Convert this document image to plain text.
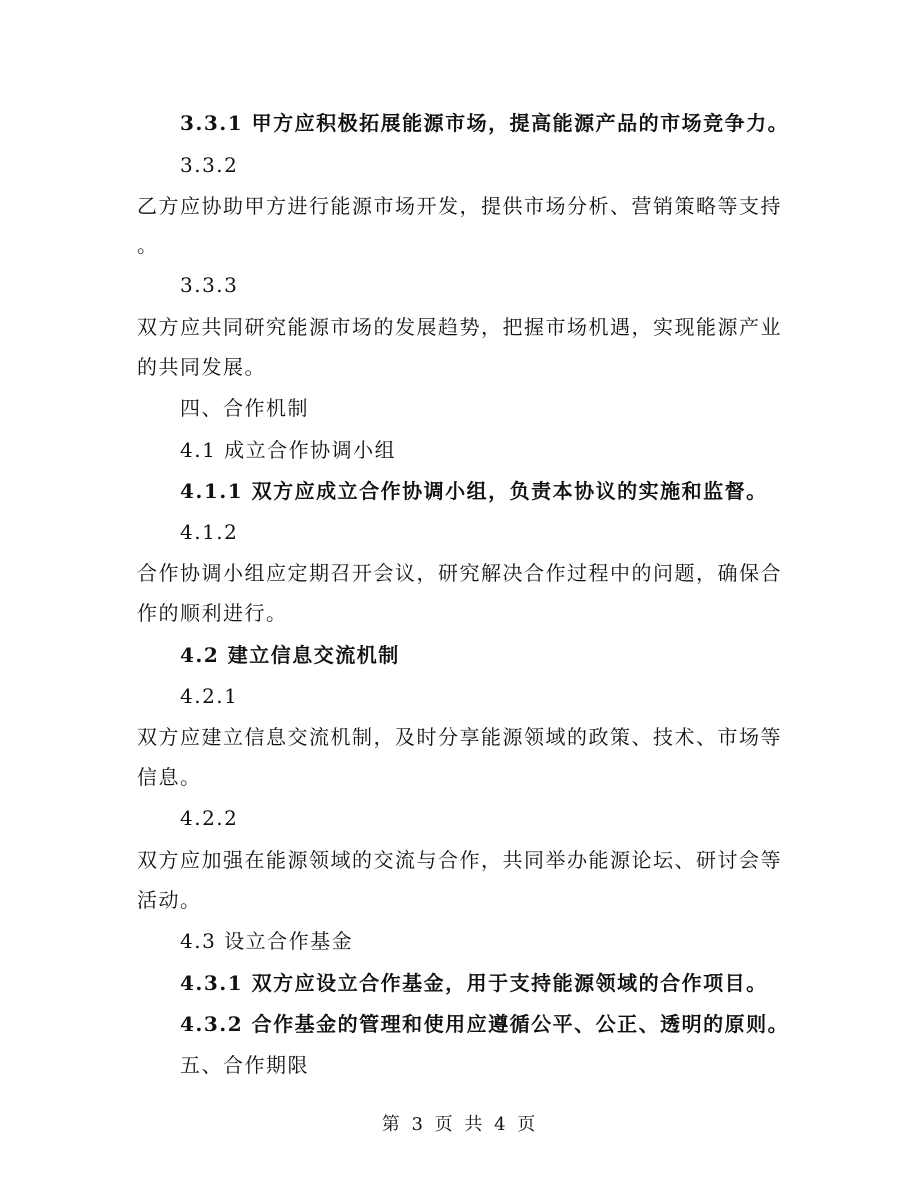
3.3.1 甲方应积极拓展能源市场，提高能源产品的市场竞争力。
3.3.2
乙方应协助甲方进行能源市场开发，提供市场分析、营销策略等支持
。
3.3.3
双方应共同研究能源市场的发展趋势，把握市场机遇，实现能源产业
的共同发展。
四、合作机制
4.1 成立合作协调小组
4.1.1 双方应成立合作协调小组，负责本协议的实施和监督。
4.1.2
合作协调小组应定期召开会议，研究解决合作过程中的问题，确保合
作的顺利进行。
4.2 建立信息交流机制
4.2.1
双方应建立信息交流机制，及时分享能源领域的政策、技术、市场等
信息。
4.2.2
双方应加强在能源领域的交流与合作，共同举办能源论坛、研讨会等
活动。
4.3 设立合作基金
4.3.1 双方应设立合作基金，用于支持能源领域的合作项目。
4.3.2 合作基金的管理和使用应遵循公平、公正、透明的原则。
五、合作期限
第 3 页 共 4 页
